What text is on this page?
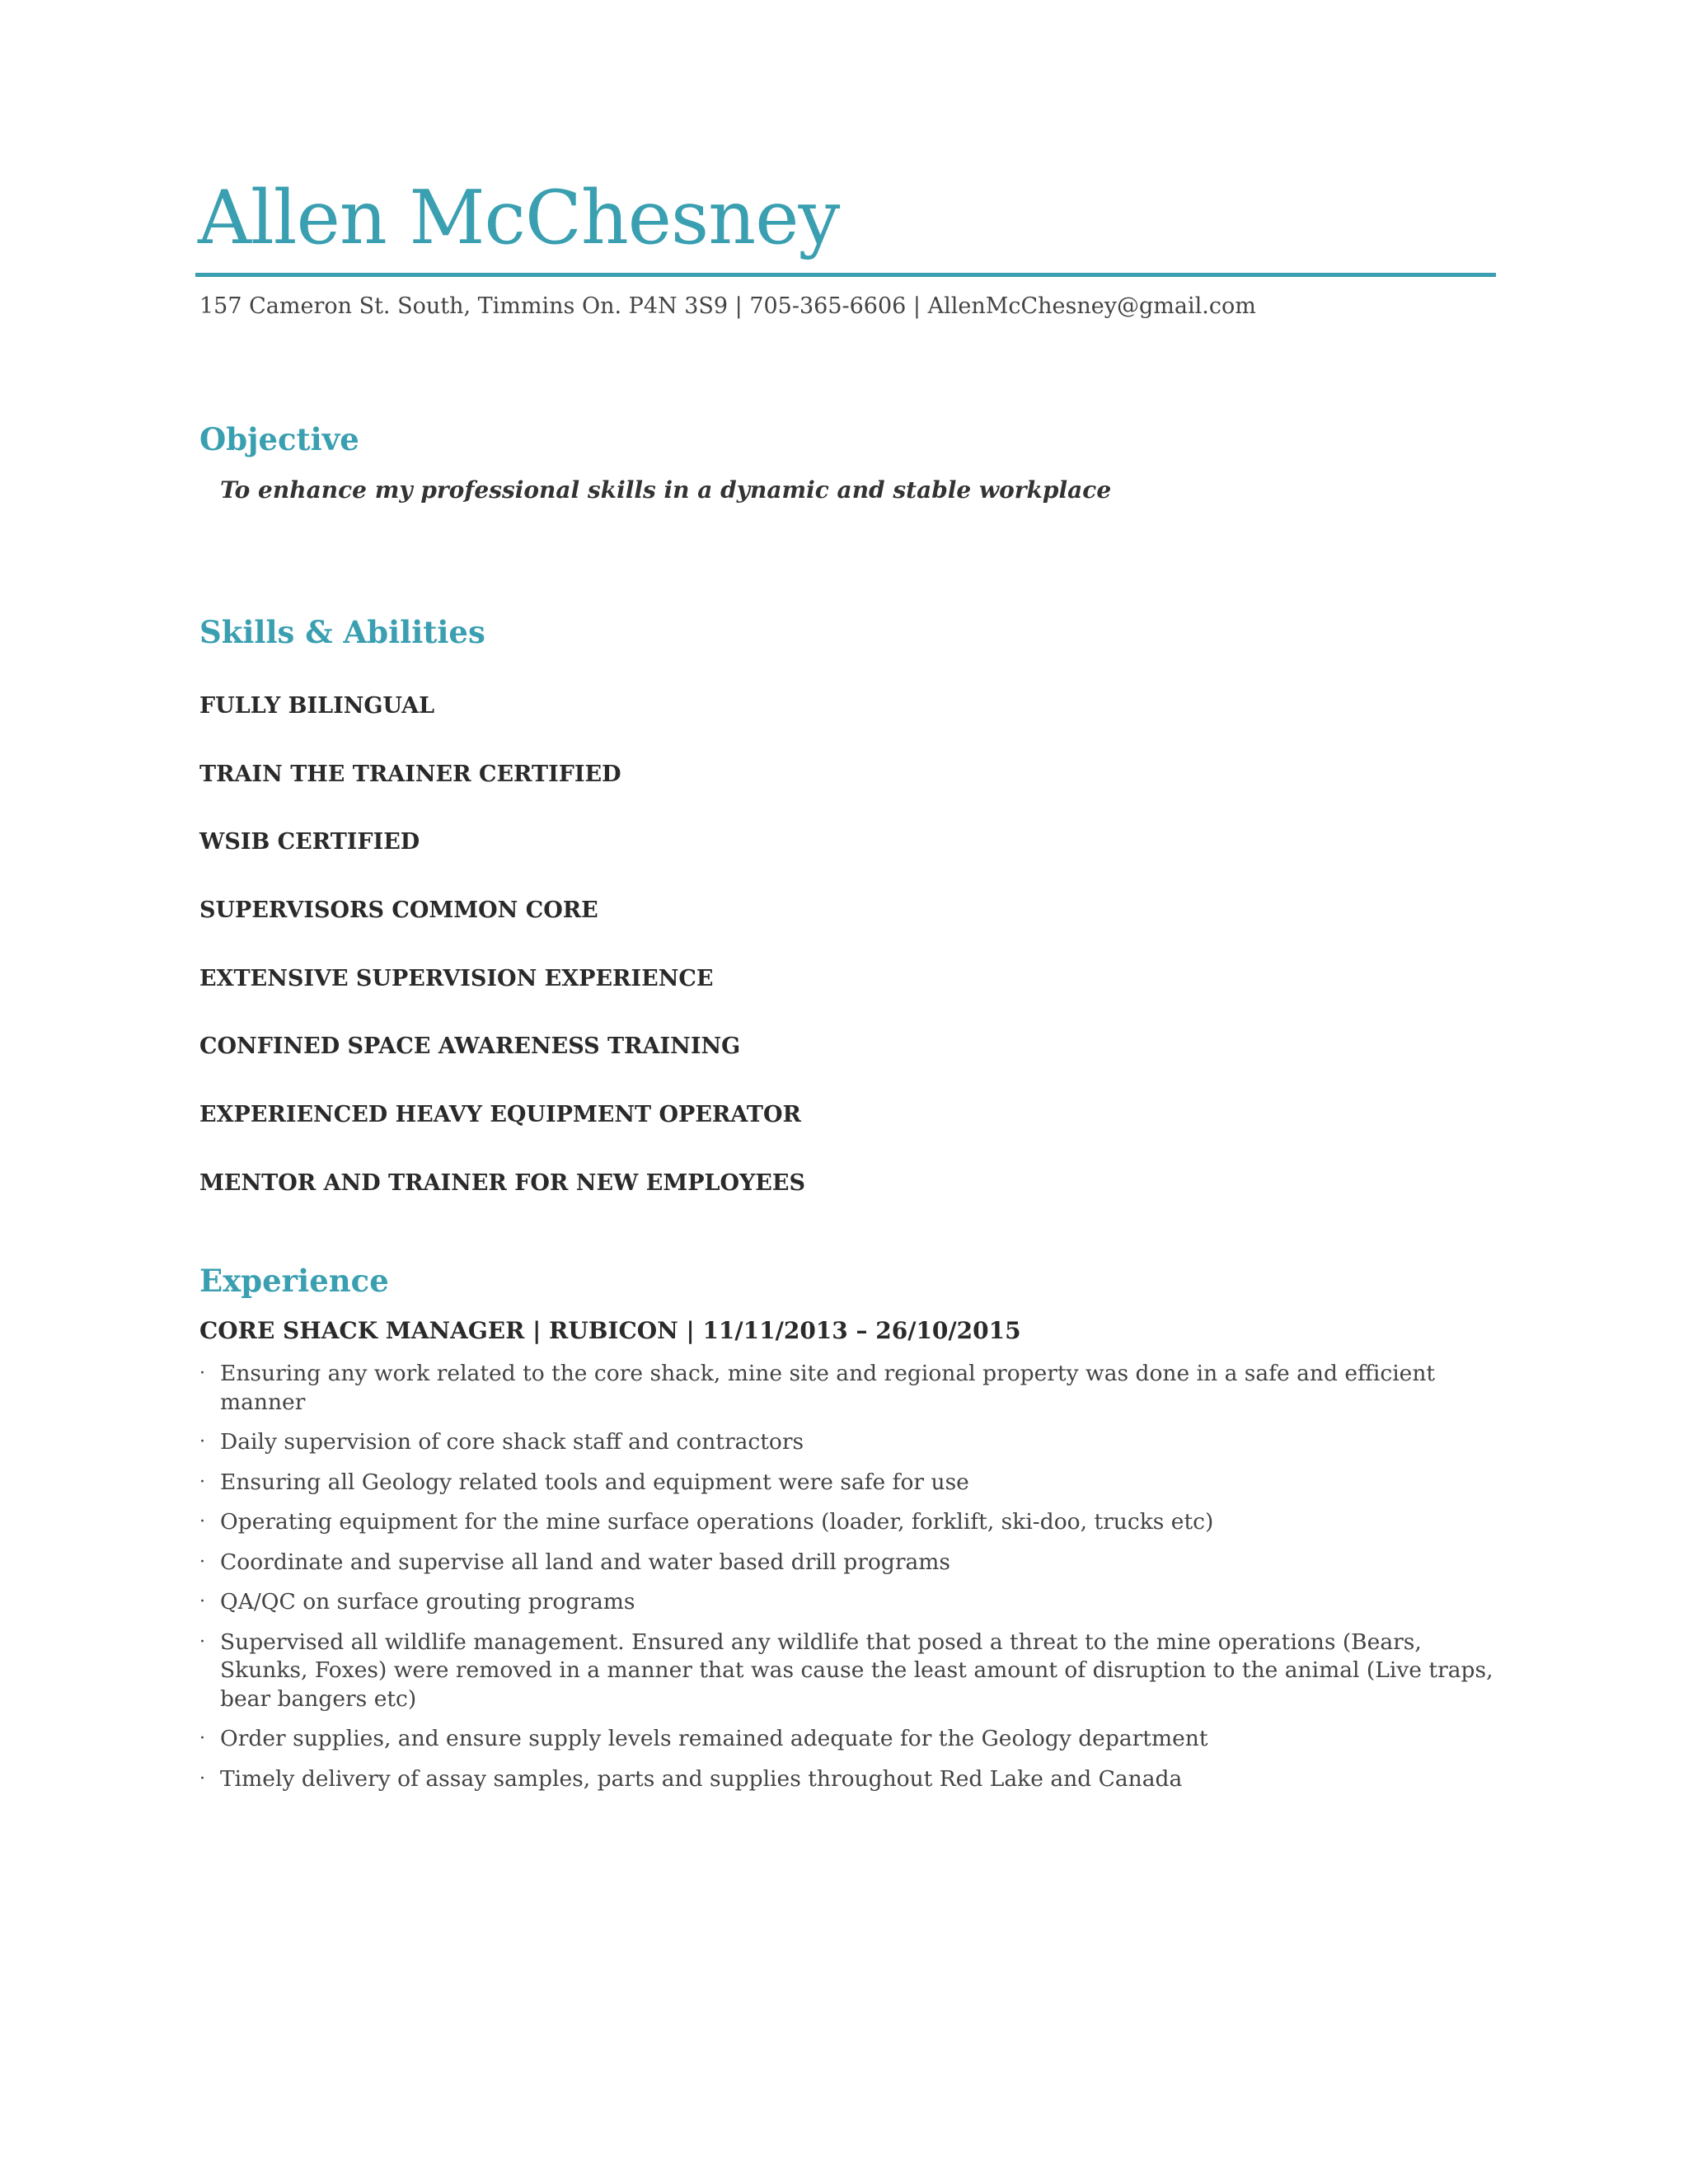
Allen McChesney
157 Cameron St. South, Timmins On. P4N 3S9 | 705-365-6606 | AllenMcChesney@gmail.com
Objective
To enhance my professional skills in a dynamic and stable workplace
Skills & Abilities
FULLY BILINGUAL
TRAIN THE TRAINER CERTIFIED
WSIB CERTIFIED
SUPERVISORS COMMON CORE
EXTENSIVE SUPERVISION EXPERIENCE
CONFINED SPACE AWARENESS TRAINING
EXPERIENCED HEAVY EQUIPMENT OPERATOR
MENTOR AND TRAINER FOR NEW EMPLOYEES
Experience
CORE SHACK MANAGER | RUBICON | 11/11/2013 – 26/10/2015
· Ensuring any work related to the core shack, mine site and regional property was done in a safe and efficient manner
· Daily supervision of core shack staff and contractors
· Ensuring all Geology related tools and equipment were safe for use
· Operating equipment for the mine surface operations (loader, forklift, ski-doo, trucks etc)
· Coordinate and supervise all land and water based drill programs
· QA/QC on surface grouting programs
· Supervised all wildlife management. Ensured any wildlife that posed a threat to the mine operations (Bears, Skunks, Foxes) were removed in a manner that was cause the least amount of disruption to the animal (Live traps, bear bangers etc)
· Order supplies, and ensure supply levels remained adequate for the Geology department
· Timely delivery of assay samples, parts and supplies throughout Red Lake and Canada
